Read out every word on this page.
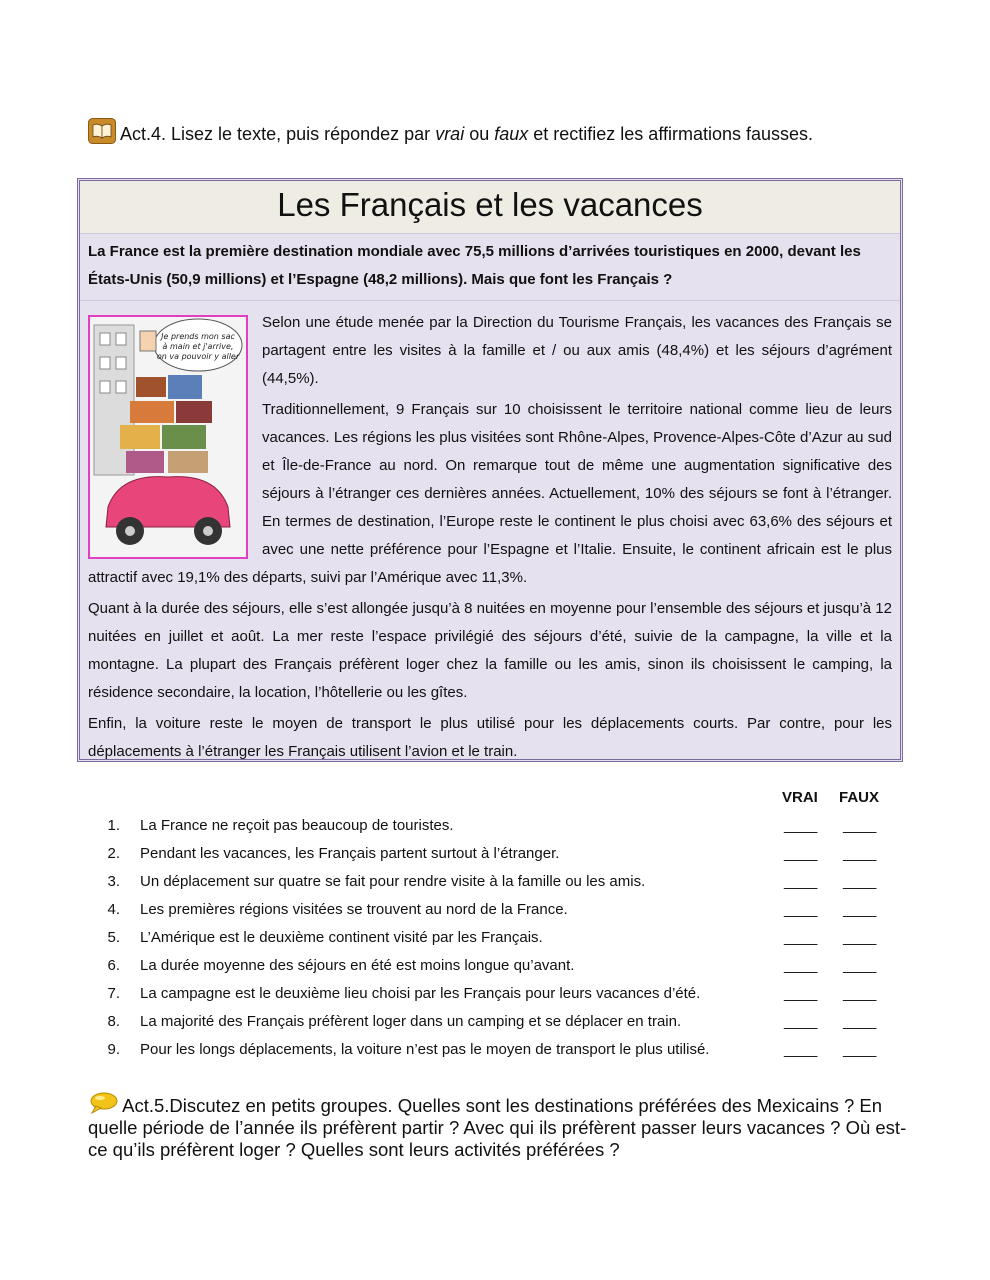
Act.4. Lisez le texte, puis répondez par vrai ou faux et rectifiez les affirmations fausses.
Les Français et les vacances
La France est la première destination mondiale avec 75,5 millions d’arrivées touristiques en 2000, devant les États-Unis (50,9 millions) et l’Espagne (48,2 millions). Mais que font les Français ?
Je prends mon sac
à main et j'arrive,
on va pouvoir y aller

Selon une étude menée par la Direction du Tourisme Français, les vacances des Français se partagent entre les visites à la famille et / ou aux amis (48,4%) et les séjours d’agrément (44,5%).

Traditionnellement, 9 Français sur 10 choisissent le territoire national comme lieu de leurs vacances. Les régions les plus visitées sont Rhône-Alpes, Provence-Alpes-Côte d’Azur au sud et Île-de-France au nord. On remarque tout de même une augmentation significative des séjours à l’étranger ces dernières années. Actuellement, 10% des séjours se font à l’étranger. En termes de destination, l’Europe reste le continent le plus choisi avec 63,6% des séjours et avec une nette préférence pour l’Espagne et l’Italie. Ensuite, le continent africain est le plus attractif avec 19,1% des départs, suivi par l’Amérique avec 11,3%.

Quant à la durée des séjours, elle s’est allongée jusqu’à 8 nuitées en moyenne pour l’ensemble des séjours et jusqu’à 12 nuitées en juillet et août. La mer reste l’espace privilégié des séjours d’été, suivie de la campagne, la ville et la montagne. La plupart des Français préfèrent loger chez la famille ou les amis, sinon ils choisissent le camping, la résidence secondaire, la location, l’hôtellerie ou les gîtes.

Enfin, la voiture reste le moyen de transport le plus utilisé pour les déplacements courts. Par contre, pour les déplacements à l’étranger les Français utilisent l’avion et le train.

VRAI FAUX
1. La France ne reçoit pas beaucoup de touristes.	____ ____
2. Pendant les vacances, les Français partent surtout à l’étranger.	____ ____
3. Un déplacement sur quatre se fait pour rendre visite à la famille ou les amis.	____ ____
4. Les premières régions visitées se trouvent au nord de la France.	____ ____
5. L’Amérique est le deuxième continent visité par les Français.	____ ____
6. La durée moyenne des séjours en été est moins longue qu’avant.	____ ____
7. La campagne est le deuxième lieu choisi par les Français pour leurs vacances d’été.	____ ____
8. La majorité des Français préfèrent loger dans un camping et se déplacer en train.	____ ____
9. Pour les longs déplacements, la voiture n’est pas le moyen de transport le plus utilisé.	____ ____
Act.5.Discutez en petits groupes. Quelles sont les destinations préférées des Mexicains ? En quelle période de l’année ils préfèrent partir ? Avec qui ils préfèrent passer leurs vacances ? Où est-ce qu’ils préfèrent loger ? Quelles sont leurs activités préférées ?
